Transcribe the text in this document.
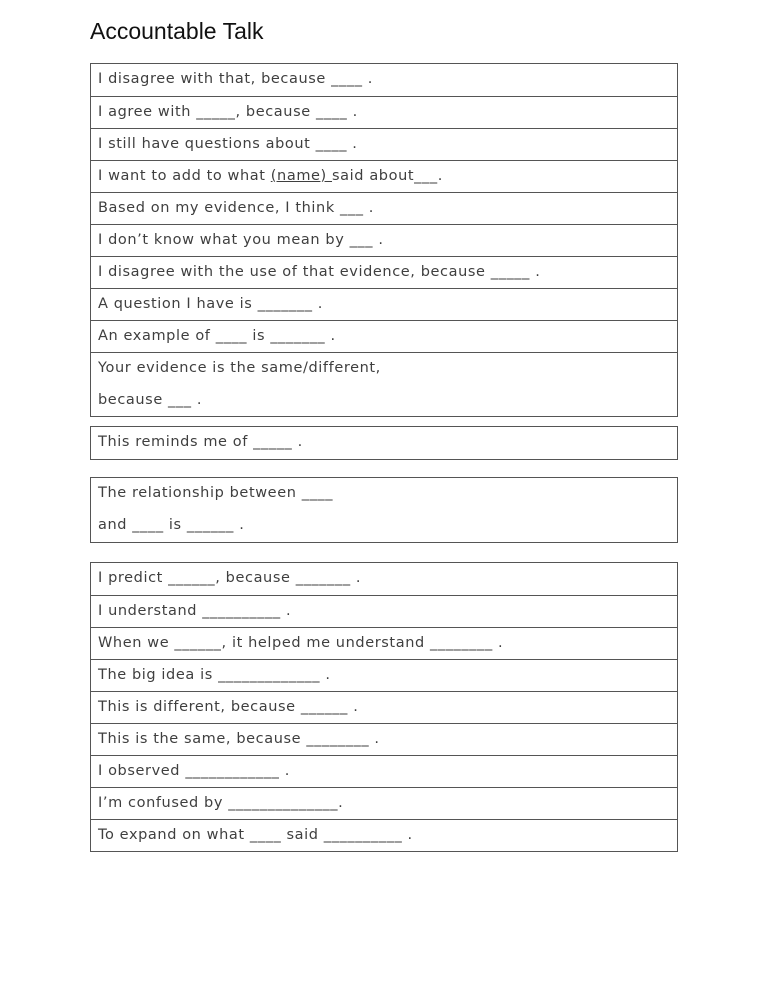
Accountable Talk
I disagree with that, because ____ .
I agree with _____, because ____ .
I still have questions about ____ .
I want to add to what (name) said about___.
Based on my evidence, I think ___ .
I don’t know what you mean by ___ .
I disagree with the use of that evidence, because _____ .
A question I have is _______ .
An example of ____ is _______ .
Your evidence is the same/different,
because ___ .
This reminds me of _____ .
The relationship between ____
and ____ is ______ .
I predict ______, because _______ .
I understand __________ .
When we ______, it helped me understand ________ .
The big idea is _____________ .
This is different, because ______ .
This is the same, because ________ .
I observed ____________ .
I’m confused by ______________.
To expand on what ____ said __________ .
